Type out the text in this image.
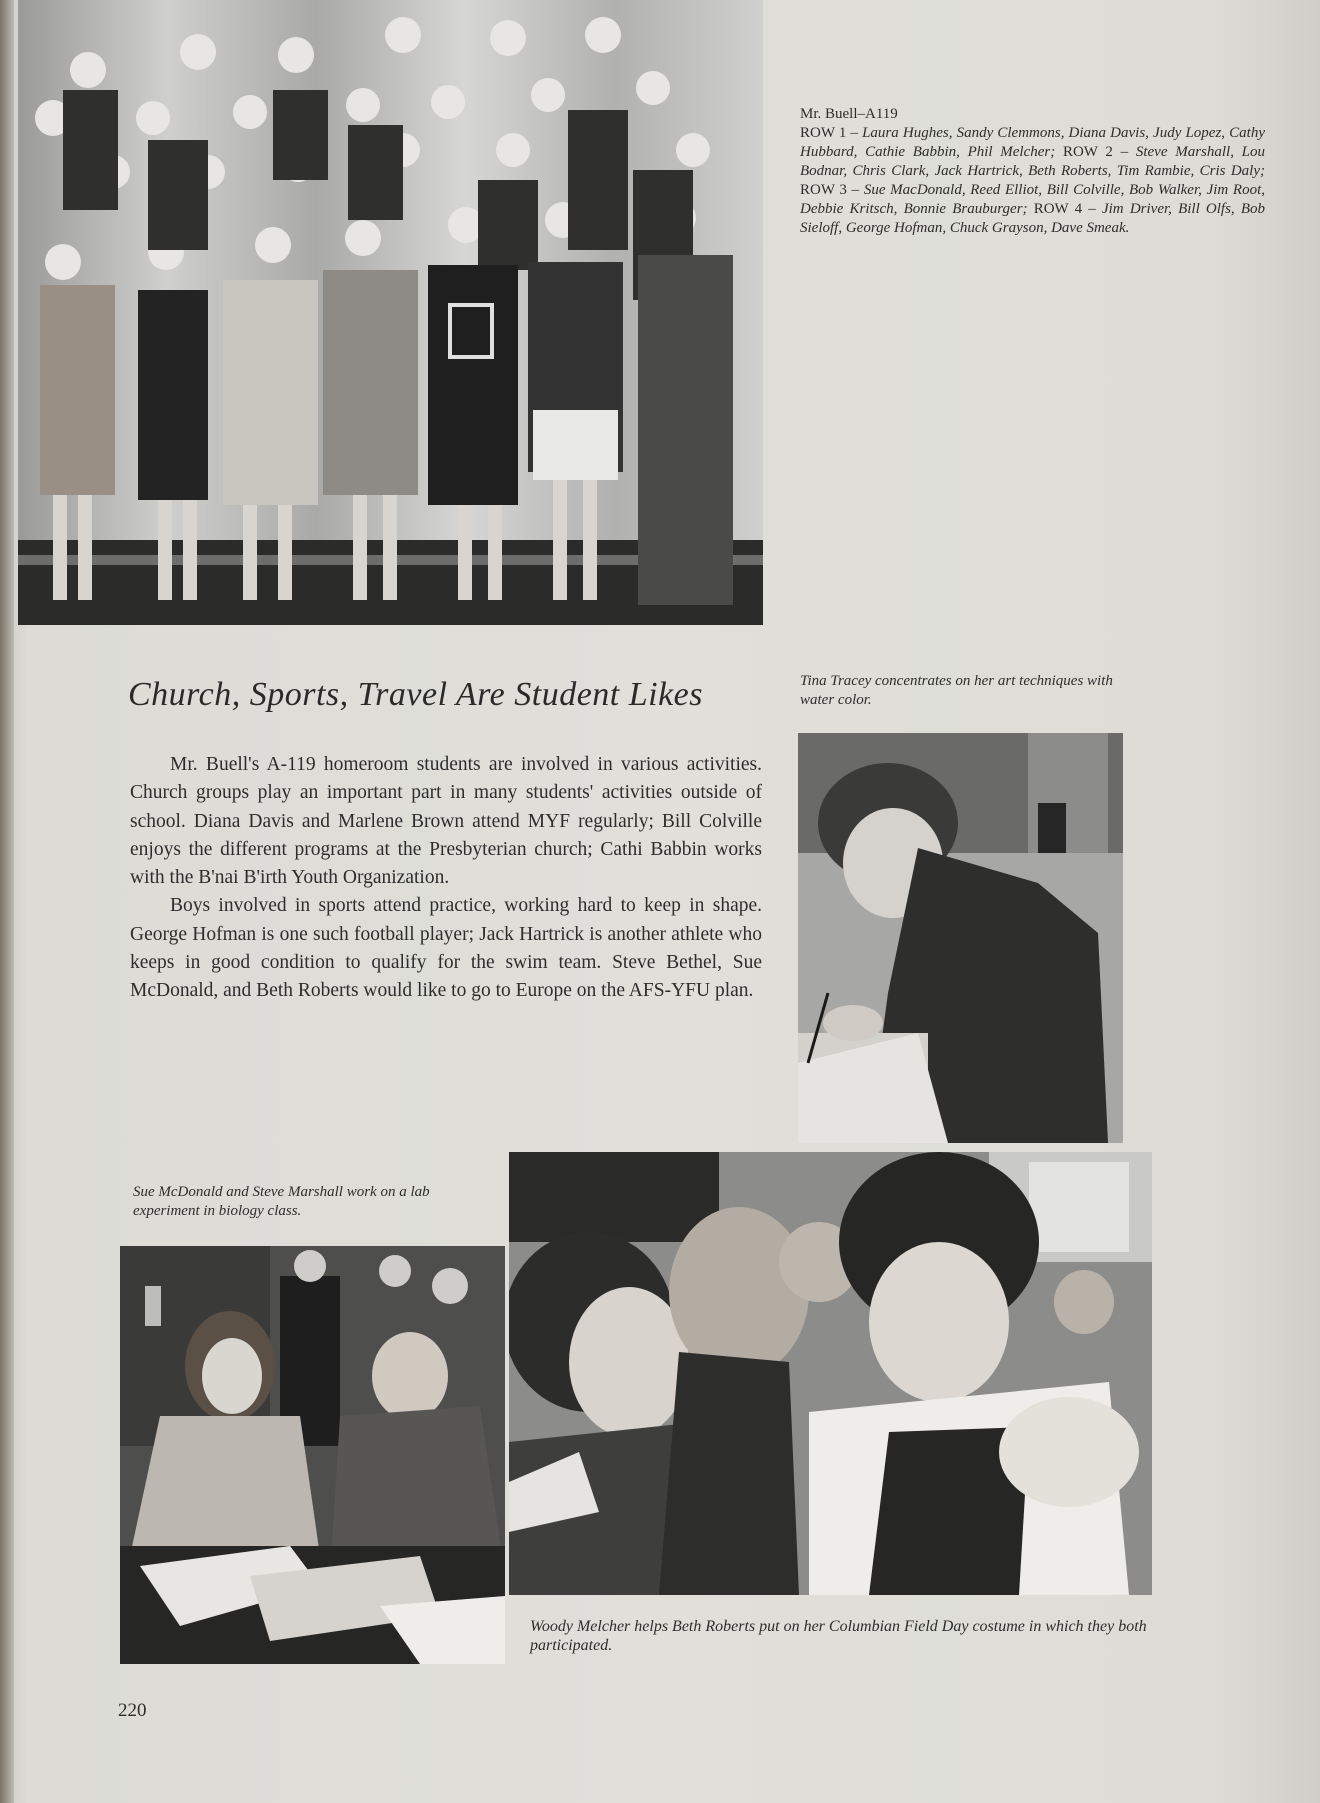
Mr. Buell–A119
ROW 1 – Laura Hughes, Sandy Clemmons, Diana Davis, Judy Lopez, Cathy Hubbard, Cathie Babbin, Phil Melcher; ROW 2 – Steve Marshall, Lou Bodnar, Chris Clark, Jack Hartrick, Beth Roberts, Tim Rambie, Cris Daly; ROW 3 – Sue MacDonald, Reed Elliot, Bill Colville, Bob Walker, Jim Root, Debbie Kritsch, Bonnie Brauburger; ROW 4 – Jim Driver, Bill Olfs, Bob Sieloff, George Hofman, Chuck Grayson, Dave Smeak.
Church, Sports, Travel Are Student Likes

Mr. Buell's A-119 homeroom students are involved in various activities. Church groups play an important part in many students' activities outside of school. Diana Davis and Marlene Brown attend MYF regularly; Bill Colville enjoys the different programs at the Presbyterian church; Cathi Babbin works with the B'nai B'irth Youth Organization.

Boys involved in sports attend practice, working hard to keep in shape. George Hofman is one such football player; Jack Hartrick is another athlete who keeps in good condition to qualify for the swim team. Steve Bethel, Sue McDonald, and Beth Roberts would like to go to Europe on the AFS-YFU plan.

Tina Tracey concentrates on her art techniques with water color.
Sue McDonald and Steve Marshall work on a lab experiment in biology class.
Woody Melcher helps Beth Roberts put on her Columbian Field Day costume in which they both participated.
220
